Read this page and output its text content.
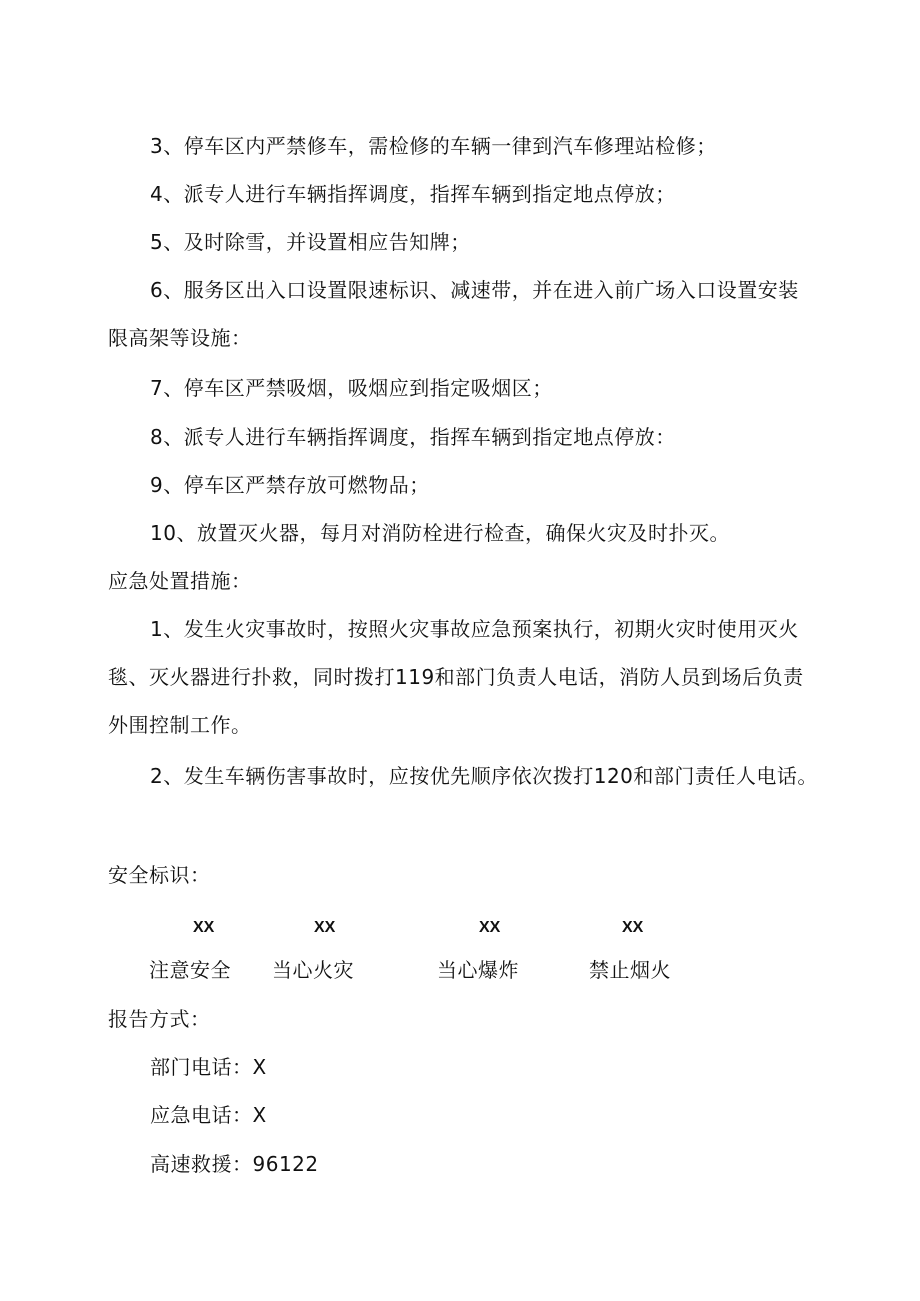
3、停车区内严禁修车，需检修的车辆一律到汽车修理站检修；
4、派专人进行车辆指挥调度，指挥车辆到指定地点停放；
5、及时除雪，并设置相应告知牌；
6、服务区出入口设置限速标识、减速带，并在进入前广场入口设置安装限高架等设施：
7、停车区严禁吸烟，吸烟应到指定吸烟区；
8、派专人进行车辆指挥调度，指挥车辆到指定地点停放：
9、停车区严禁存放可燃物品；
10、放置灭火器，每月对消防栓进行检查，确保火灾及时扑灭。
应急处置措施：
1、发生火灾事故时，按照火灾事故应急预案执行，初期火灾时使用灭火毯、灭火器进行扑救，同时拨打119和部门负责人电话，消防人员到场后负责外围控制工作。
2、发生车辆伤害事故时，应按优先顺序依次拨打120和部门责任人电话。
安全标识：
XX	XX	XX	XX
注意安全 当心火灾	当心爆炸	禁止烟火
报告方式：
部门电话：X
应急电话：X
高速救援：96122
